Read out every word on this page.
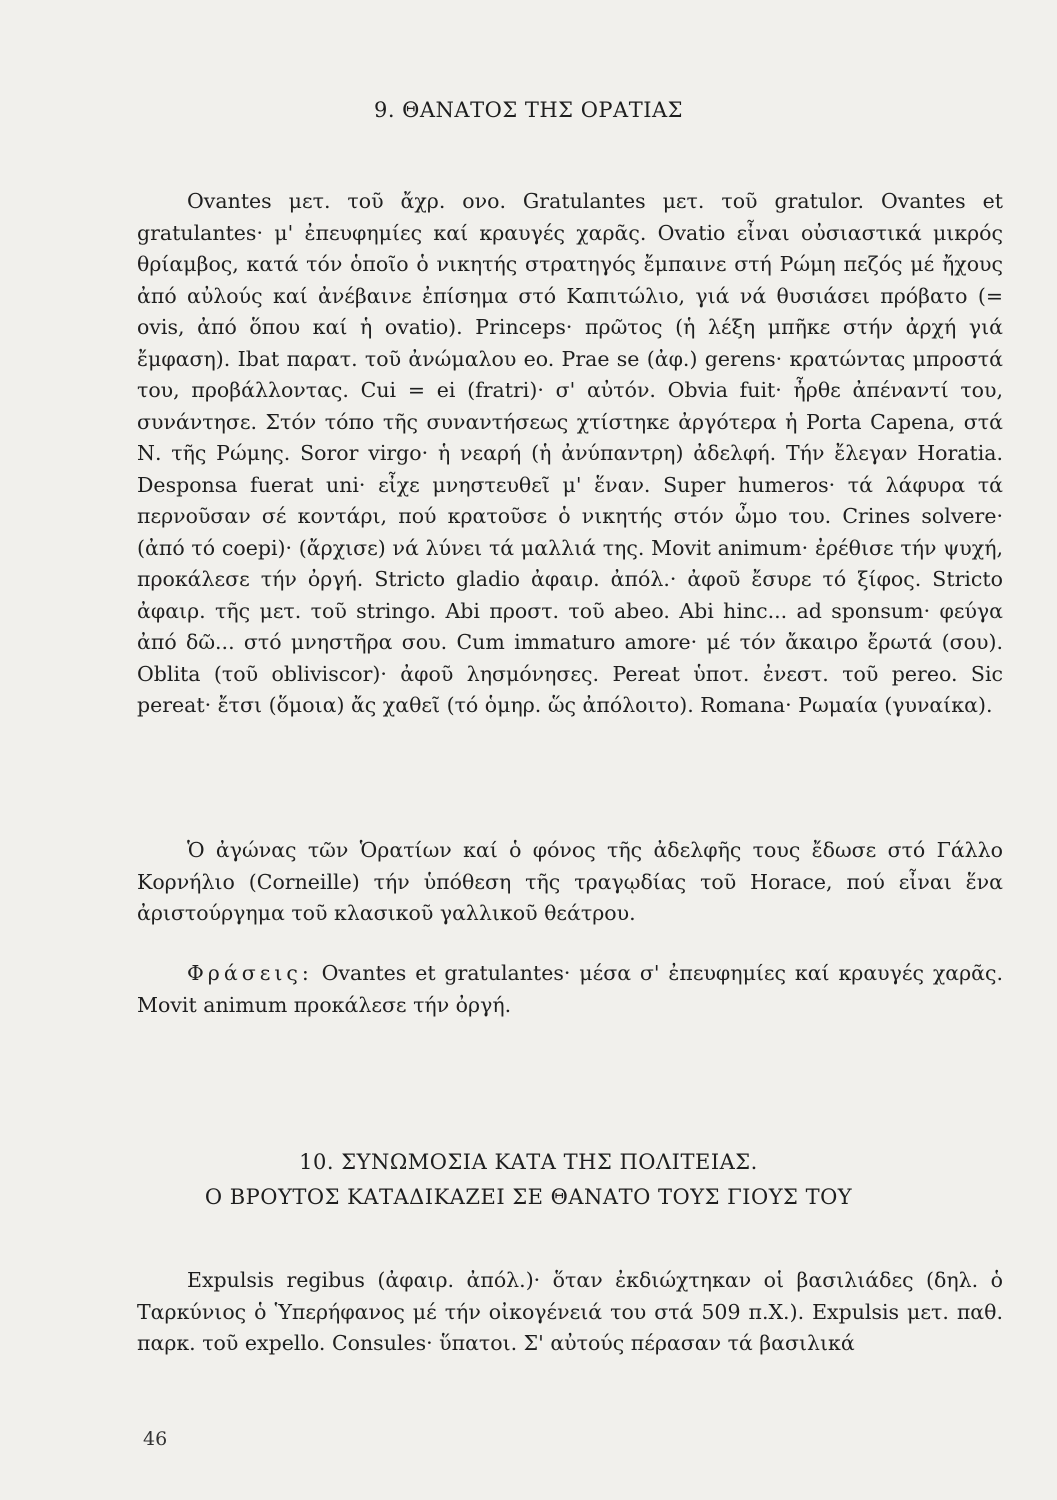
9. ΘΑΝΑΤΟΣ ΤΗΣ ΟΡΑΤΙΑΣ
Ovantes μετ. τοῦ ἄχρ. ονο. Gratulantes μετ. τοῦ gratulor. Ovantes et gratulantes· μ' ἐπευφημίες καί κραυγές χαρᾶς. Ovatio εἶναι οὐσιαστικά μικρός θρίαμβος, κατά τόν ὁποῖο ὁ νικητής στρατηγός ἔμπαινε στή Ρώμη πεζός μέ ἤχους ἀπό αὐλούς καί ἀνέβαινε ἐπίσημα στό Καπιτώλιο, γιά νά θυσιάσει πρόβατο (= ovis, ἀπό ὅπου καί ἡ ovatio). Princeps· πρῶτος (ἡ λέξη μπῆκε στήν ἀρχή γιά ἔμφαση). Ibat παρατ. τοῦ ἀνώμαλου eo. Prae se (ἀφ.) gerens· κρατώντας μπροστά του, προβάλλοντας. Cui = ei (fratri)· σ' αὐτόν. Obvia fuit· ἦρθε ἀπέναντί του, συνάντησε. Στόν τόπο τῆς συναντήσεως χτίστηκε ἀργότερα ἡ Porta Capena, στά Ν. τῆς Ρώμης. Soror virgo· ἡ νεαρή (ἡ ἀνύπαντρη) ἀδελφή. Τήν ἔλεγαν Horatia. Desponsa fuerat uni· εἶχε μνηστευθεῖ μ' ἕναν. Super humeros· τά λάφυρα τά περνοῦσαν σέ κοντάρι, πού κρατοῦσε ὁ νικητής στόν ὦμο του. Crines solvere· (ἀπό τό coepi)· (ἄρχισε) νά λύνει τά μαλλιά της. Movit animum· ἐρέθισε τήν ψυχή, προκάλεσε τήν ὀργή. Stricto gladio ἀφαιρ. ἀπόλ.· ἀφοῦ ἔσυρε τό ξίφος. Stricto ἀφαιρ. τῆς μετ. τοῦ stringo. Abi προστ. τοῦ abeo. Abi hinc... ad sponsum· φεύγα ἀπό δῶ... στό μνηστῆρα σου. Cum immaturo amore· μέ τόν ἄκαιρο ἔρωτά (σου). Oblita (τοῦ obliviscor)· ἀφοῦ λησμόνησες. Pereat ὑποτ. ἐνεστ. τοῦ pereo. Sic pereat· ἔτσι (ὅμοια) ἄς χαθεῖ (τό ὁμηρ. ὥς ἀπόλοιτο). Romana· Ρωμαία (γυναίκα).
Ὁ ἀγώνας τῶν Ὁρατίων καί ὁ φόνος τῆς ἀδελφῆς τους ἔδωσε στό Γάλλο Κορνήλιο (Corneille) τήν ὑπόθεση τῆς τραγῳδίας τοῦ Horace, πού εἶναι ἕνα ἀριστούργημα τοῦ κλασικοῦ γαλλικοῦ θεάτρου.
Φράσεις: Ovantes et gratulantes· μέσα σ' ἐπευφημίες καί κραυγές χαρᾶς. Movit animum προκάλεσε τήν ὀργή.
10. ΣΥΝΩΜΟΣΙΑ ΚΑΤΑ ΤΗΣ ΠΟΛΙΤΕΙΑΣ.
Ο ΒΡΟΥΤΟΣ ΚΑΤΑΔΙΚΑΖΕΙ ΣΕ ΘΑΝΑΤΟ ΤΟΥΣ ΓΙΟΥΣ ΤΟΥ
Expulsis regibus (ἀφαιρ. ἀπόλ.)· ὅταν ἐκδιώχτηκαν οἱ βασιλιάδες (δηλ. ὁ Ταρκύνιος ὁ Ὑπερήφανος μέ τήν οἰκογένειά του στά 509 π.Χ.). Expulsis μετ. παθ. παρκ. τοῦ expello. Consules· ὕπατοι. Σ' αὐτούς πέρασαν τά βασιλικά
46
